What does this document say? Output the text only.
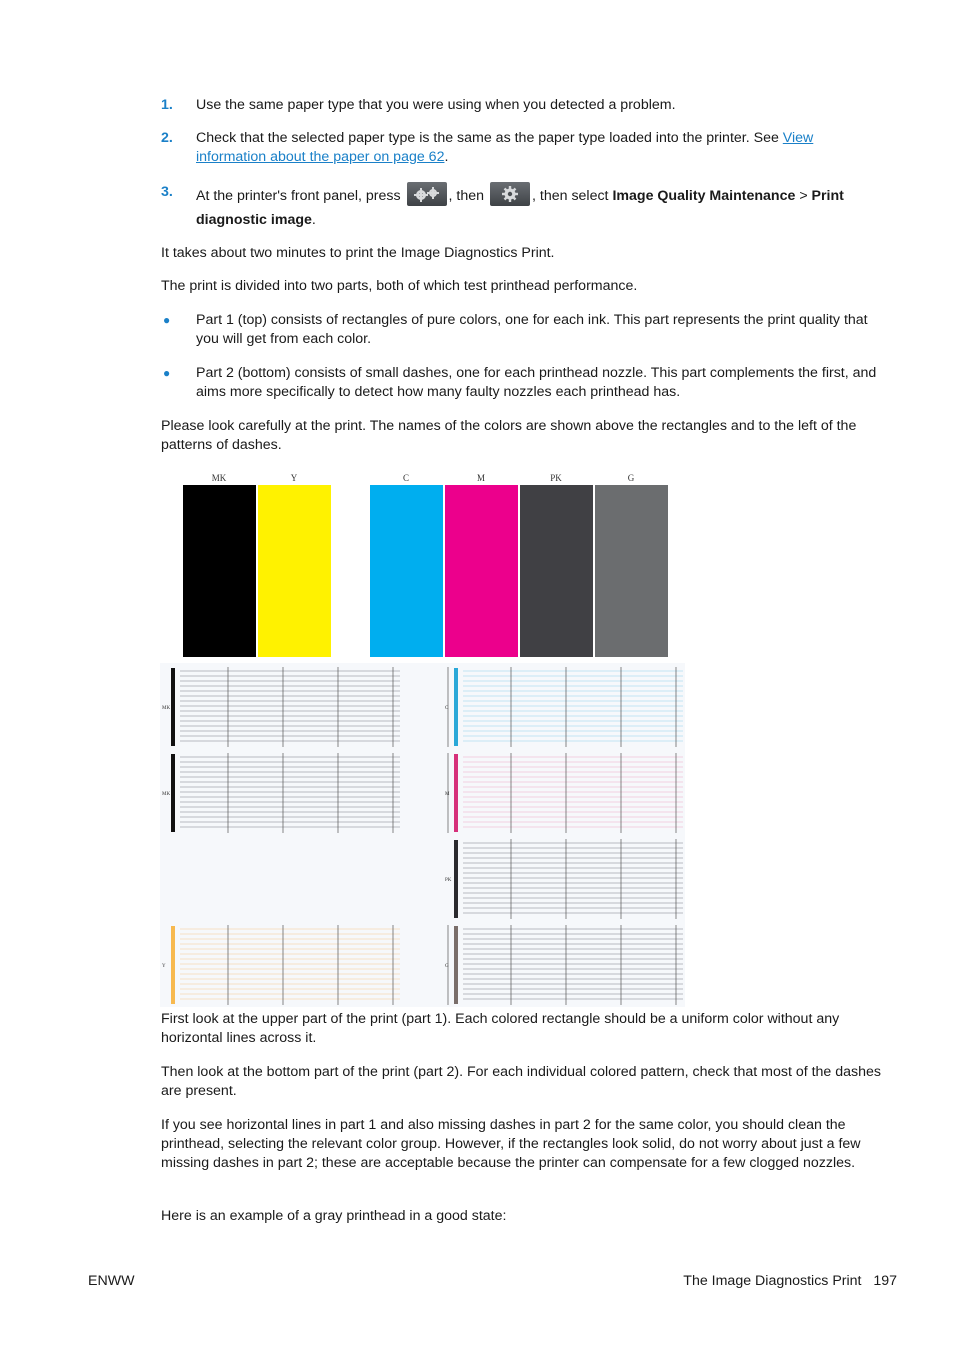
1. Use the same paper type that you were using when you detected a problem.
2. Check that the selected paper type is the same as the paper type loaded into the printer. See View information about the paper on page 62.
3. At the printer's front panel, press	, then	, then select Image Quality Maintenance > Print diagnostic image.
It takes about two minutes to print the Image Diagnostics Print.
The print is divided into two parts, both of which test printhead performance.
● Part 1 (top) consists of rectangles of pure colors, one for each ink. This part represents the print quality that you will get from each color.
● Part 2 (bottom) consists of small dashes, one for each printhead nozzle. This part complements the first, and aims more specifically to detect how many faulty nozzles each printhead has.
Please look carefully at the print. The names of the colors are shown above the rectangles and to the left of the patterns of dashes.
MK	Y	C	M	PK	G
MK
MK
Y
C
M
PK
G
First look at the upper part of the print (part 1). Each colored rectangle should be a uniform color without any horizontal lines across it.
Then look at the bottom part of the print (part 2). For each individual colored pattern, check that most of the dashes are present.
If you see horizontal lines in part 1 and also missing dashes in part 2 for the same color, you should clean the printhead, selecting the relevant color group. However, if the rectangles look solid, do not worry about just a few missing dashes in part 2; these are acceptable because the printer can compensate for a few clogged nozzles.
Here is an example of a gray printhead in a good state:
ENWW	The Image Diagnostics Print 197
